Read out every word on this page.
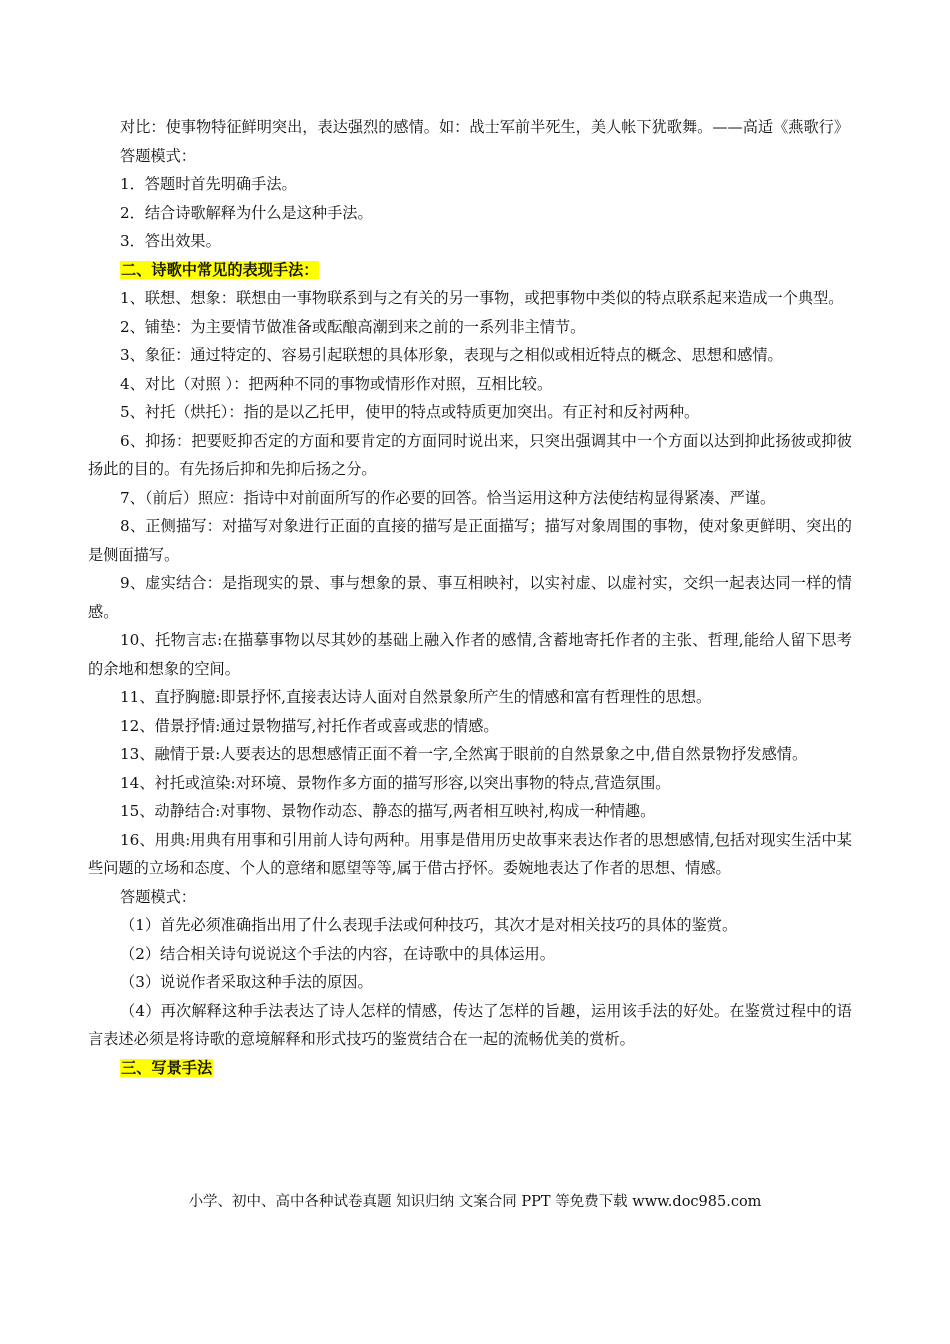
对比：使事物特征鲜明突出，表达强烈的感情。如：战士军前半死生，美人帐下犹歌舞。——高适《燕歌行》

答题模式：

1．答题时首先明确手法。

2．结合诗歌解释为什么是这种手法。

3．答出效果。

二、诗歌中常见的表现手法：

1、联想、想象：联想由一事物联系到与之有关的另一事物，或把事物中类似的特点联系起来造成一个典型。

2、铺垫：为主要情节做准备或酝酿高潮到来之前的一系列非主情节。

3、象征：通过特定的、容易引起联想的具体形象，表现与之相似或相近特点的概念、思想和感情。

4、对比（对照 ）：把两种不同的事物或情形作对照，互相比较。

5、衬托（烘托）：指的是以乙托甲，使甲的特点或特质更加突出。有正衬和反衬两种。

6、抑扬：把要贬抑否定的方面和要肯定的方面同时说出来，只突出强调其中一个方面以达到抑此扬彼或抑彼扬此的目的。有先扬后抑和先抑后扬之分。

7、（前后）照应：指诗中对前面所写的作必要的回答。恰当运用这种方法使结构显得紧凑、严谨。

8、正侧描写：对描写对象进行正面的直接的描写是正面描写；描写对象周围的事物，使对象更鲜明、突出的是侧面描写。

9、虚实结合：是指现实的景、事与想象的景、事互相映衬，以实衬虚、以虚衬实，交织一起表达同一样的情感。

10、托物言志:在描摹事物以尽其妙的基础上融入作者的感情,含蓄地寄托作者的主张、哲理,能给人留下思考的余地和想象的空间。

11、直抒胸臆:即景抒怀,直接表达诗人面对自然景象所产生的情感和富有哲理性的思想。

12、借景抒情:通过景物描写,衬托作者或喜或悲的情感。

13、融情于景:人要表达的思想感情正面不着一字,全然寓于眼前的自然景象之中,借自然景物抒发感情。

14、衬托或渲染:对环境、景物作多方面的描写形容,以突出事物的特点,营造氛围。

15、动静结合:对事物、景物作动态、静态的描写,两者相互映衬,构成一种情趣。

16、用典:用典有用事和引用前人诗句两种。用事是借用历史故事来表达作者的思想感情,包括对现实生活中某些问题的立场和态度、个人的意绪和愿望等等,属于借古抒怀。委婉地表达了作者的思想、情感。

答题模式：

（1）首先必须准确指出用了什么表现手法或何种技巧，其次才是对相关技巧的具体的鉴赏。

（2）结合相关诗句说说这个手法的内容，在诗歌中的具体运用。

（3）说说作者采取这种手法的原因。

（4）再次解释这种手法表达了诗人怎样的情感，传达了怎样的旨趣，运用该手法的好处。在鉴赏过程中的语言表述必须是将诗歌的意境解释和形式技巧的鉴赏结合在一起的流畅优美的赏析。

三、写景手法

小学、初中、高中各种试卷真题 知识归纳 文案合同 PPT 等免费下载 www.doc985.com
